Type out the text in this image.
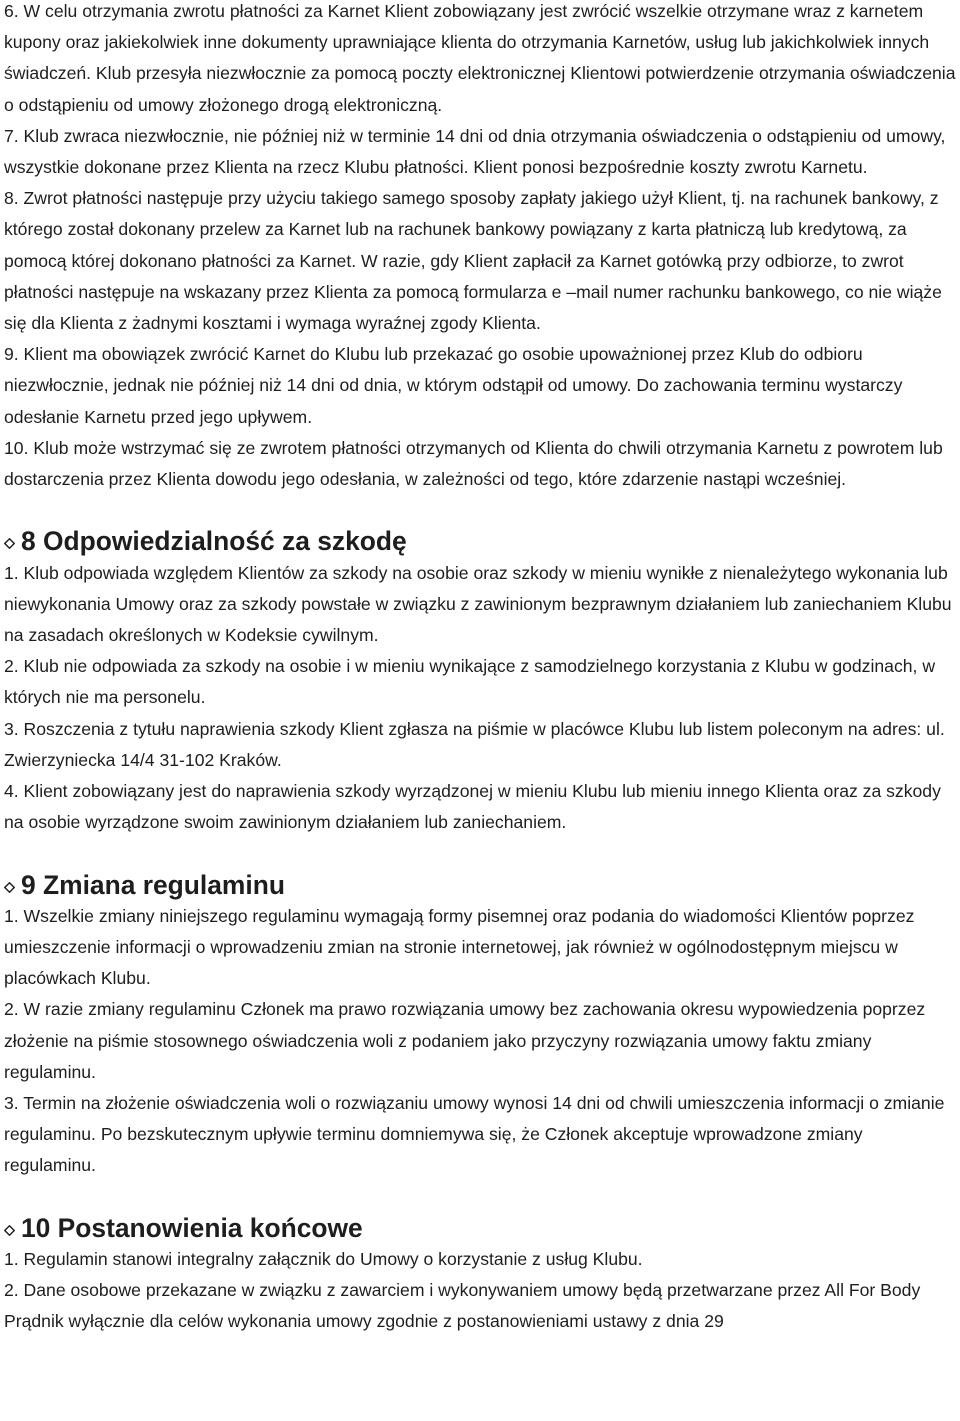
6. W celu otrzymania zwrotu płatności za Karnet Klient zobowiązany jest zwrócić wszelkie otrzymane wraz z karnetem kupony oraz jakiekolwiek inne dokumenty uprawniające klienta do otrzymania Karnetów, usług lub jakichkolwiek innych świadczeń. Klub przesyła niezwłocznie za pomocą poczty elektronicznej Klientowi potwierdzenie otrzymania oświadczenia o odstąpieniu od umowy złożonego drogą elektroniczną.

7. Klub zwraca niezwłocznie, nie później niż w terminie 14 dni od dnia otrzymania oświadczenia o odstąpieniu od umowy, wszystkie dokonane przez Klienta na rzecz Klubu płatności. Klient ponosi bezpośrednie koszty zwrotu Karnetu.

8. Zwrot płatności następuje przy użyciu takiego samego sposoby zapłaty jakiego użył Klient, tj. na rachunek bankowy, z którego został dokonany przelew za Karnet lub na rachunek bankowy powiązany z karta płatniczą lub kredytową, za pomocą której dokonano płatności za Karnet. W razie, gdy Klient zapłacił za Karnet gotówką przy odbiorze, to zwrot płatności następuje na wskazany przez Klienta za pomocą formularza e –mail numer rachunku bankowego, co nie wiąże się dla Klienta z żadnymi kosztami i wymaga wyraźnej zgody Klienta.

9. Klient ma obowiązek zwrócić Karnet do Klubu lub przekazać go osobie upoważnionej przez Klub do odbioru niezwłocznie, jednak nie później niż 14 dni od dnia, w którym odstąpił od umowy. Do zachowania terminu wystarczy odesłanie Karnetu przed jego upływem.

10. Klub może wstrzymać się ze zwrotem płatności otrzymanych od Klienta do chwili otrzymania Karnetu z powrotem lub dostarczenia przez Klienta dowodu jego odesłania, w zależności od tego, które zdarzenie nastąpi wcześniej.

8 Odpowiedzialność za szkodę

1. Klub odpowiada względem Klientów za szkody na osobie oraz szkody w mieniu wynikłe z nienależytego wykonania lub niewykonania Umowy oraz za szkody powstałe w związku z zawinionym bezprawnym działaniem lub zaniechaniem Klubu na zasadach określonych w Kodeksie cywilnym.

2. Klub nie odpowiada za szkody na osobie i w mieniu wynikające z samodzielnego korzystania z Klubu w godzinach, w których nie ma personelu.

3. Roszczenia z tytułu naprawienia szkody Klient zgłasza na piśmie w placówce Klubu lub listem poleconym na adres: ul. Zwierzyniecka 14/4 31-102 Kraków.

4. Klient zobowiązany jest do naprawienia szkody wyrządzonej w mieniu Klubu lub mieniu innego Klienta oraz za szkody na osobie wyrządzone swoim zawinionym działaniem lub zaniechaniem.

9 Zmiana regulaminu

1. Wszelkie zmiany niniejszego regulaminu wymagają formy pisemnej oraz podania do wiadomości Klientów poprzez umieszczenie informacji o wprowadzeniu zmian na stronie internetowej, jak również w ogólnodostępnym miejscu w placówkach Klubu.

2. W razie zmiany regulaminu Członek ma prawo rozwiązania umowy bez zachowania okresu wypowiedzenia poprzez złożenie na piśmie stosownego oświadczenia woli z podaniem jako przyczyny rozwiązania umowy faktu zmiany regulaminu.

3. Termin na złożenie oświadczenia woli o rozwiązaniu umowy wynosi 14 dni od chwili umieszczenia informacji o zmianie regulaminu. Po bezskutecznym upływie terminu domniemywa się, że Członek akceptuje wprowadzone zmiany regulaminu.

10 Postanowienia końcowe

1. Regulamin stanowi integralny załącznik do Umowy o korzystanie z usług Klubu.

2. Dane osobowe przekazane w związku z zawarciem i wykonywaniem umowy będą przetwarzane przez All For Body Prądnik wyłącznie dla celów wykonania umowy zgodnie z postanowieniami ustawy z dnia 29
